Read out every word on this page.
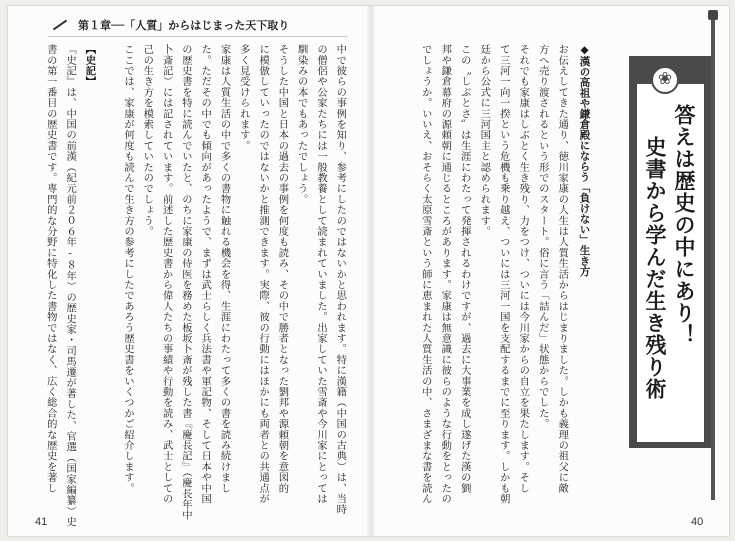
第１章──「人質」からはじまった天下取り
中で彼らの事例を知り、参考にしたのではないかと思われます。特に漢籍（中国の古典）は、当時
の僧侶や公家たちには一般教養として読まれていました。出家していた雪斎や今川家にとっては
馴染みの本でもあったでしょう。
そうした中国と日本の過去の事例を何度も読み、その中で勝者となった劉邦や源頼朝を意図的
に模倣していったのではないかと推測できます。実際、彼の行動にはほかにも両者との共通点が
多く見受けられます。
家康は人質生活の中で多くの書物に触れる機会を得、生涯にわたって多くの書を読み続けまし
た。ただその中でも傾向があったようで、まずは武士らしく兵法書や軍記物、そして日本や中国
の歴史書を特に読んでいたと、のちに家康の侍医を務めた板坂卜斎が残した書『慶長記』（慶長年中
卜斎記）には記されています。前述した歴史書から偉人たちの事績や行動を読み、武士としての
己の生き方を模索していたのでしょう。
ここでは、家康が何度も読んで生き方の参考にしたであろう歴史書をいくつかご紹介します。
【史記】
『史記』は、中国の前漢（紀元前２０６年‐８年）の歴史家・司馬遷が著した、官選（国家編纂）史
書の第一番目の歴史書です。専門的な分野に特化した書物ではなく、広く総合的な歴史を著し
41
お伝えしてきた通り、徳川家康の人生は人質生活からはじまりました。しかも義理の祖父に敵
方へ売り渡されるという形でのスタート。俗に言う「詰んだ」状態からでした。
それでも家康はしぶとく生き残り、力をつけ、ついには今川家からの自立を果たします。そし
て三河一向一揆という危機も乗り越え、ついには三河一国を支配するまでに至ります。しかも朝
廷から公式に三河国主と認められます。
この〝しぶとさ〟は生涯にわたって発揮されるわけですが、過去に大事業を成し遂げた漢の劉
邦や鎌倉幕府の源頼朝に通じるところがあります。家康は無意識に彼らのような行動をとったの
でしょうか。いいえ、おそらく太原雪斎という師に恵まれた人質生活の中、さまざまな書を読ん	◆漢の高祖や鎌倉殿にならう「負けない」生き方
❀	答えは歴史の中にあり！
史書から学んだ生き残り術
40
